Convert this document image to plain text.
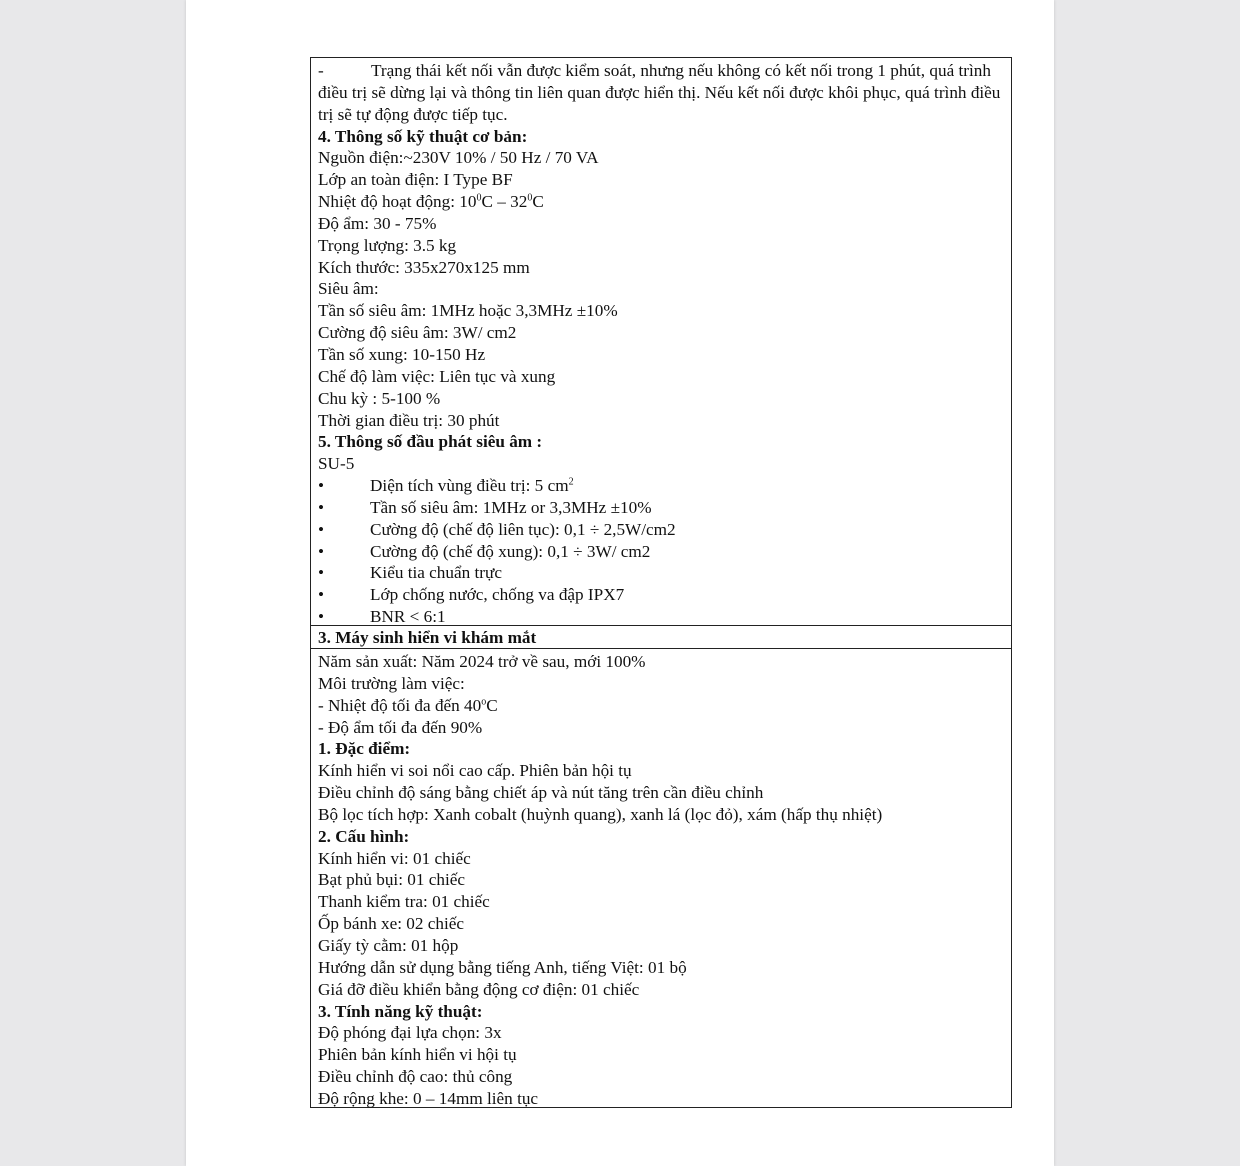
-	Trạng thái kết nối vẫn được kiểm soát, nhưng nếu không có kết nối trong 1 phút, quá trình điều trị sẽ dừng lại và thông tin liên quan được hiển thị. Nếu kết nối được khôi phục, quá trình điều trị sẽ tự động được tiếp tục.
4. Thông số kỹ thuật cơ bản:
Nguồn điện:~230V 10% / 50 Hz / 70 VA
Lớp an toàn điện: I Type BF
Nhiệt độ hoạt động: $10^0C - 32^0C$
Độ ẩm: 30 - 75%
Trọng lượng: 3.5 kg
Kích thước: 335x270x125 mm
Siêu âm:
Tần số siêu âm: 1MHz hoặc 3,3MHz ±10%
Cường độ siêu âm: 3W/ cm2
Tần số xung: 10-150 Hz
Chế độ làm việc: Liên tục và xung
Chu kỳ : 5-100 %
Thời gian điều trị: 30 phút
5. Thông số đầu phát siêu âm :
SU-5
•	Diện tích vùng điều trị: 5 $cm^2$
•	Tần số siêu âm: 1MHz or 3,3MHz ±10%
•	Cường độ (chế độ liên tục): 0,1 ÷ 2,5W/cm2
•	Cường độ (chế độ xung): 0,1 ÷ 3W/ cm2
•	Kiểu tia chuẩn trực
•	Lớp chống nước, chống va đập IPX7
•	BNR < 6:1
3. Máy sinh hiển vi khám mắt
Năm sản xuất: Năm 2024 trở về sau, mới 100%
Môi trường làm việc:
- Nhiệt độ tối đa đến 40$^o$C
- Độ ẩm tối đa đến 90%
1. Đặc điểm:
Kính hiển vi soi nổi cao cấp. Phiên bản hội tụ
Điều chỉnh độ sáng bằng chiết áp và nút tăng trên cần điều chỉnh
Bộ lọc tích hợp: Xanh cobalt (huỳnh quang), xanh lá (lọc đỏ), xám (hấp thụ nhiệt)
2. Cấu hình:
Kính hiển vi: 01 chiếc
Bạt phủ bụi: 01 chiếc
Thanh kiểm tra: 01 chiếc
Ốp bánh xe: 02 chiếc
Giấy tỳ cằm: 01 hộp
Hướng dẫn sử dụng bằng tiếng Anh, tiếng Việt: 01 bộ
Giá đỡ điều khiển bằng động cơ điện: 01 chiếc
3. Tính năng kỹ thuật:
Độ phóng đại lựa chọn: 3x
Phiên bản kính hiển vi hội tụ
Điều chỉnh độ cao: thủ công
Độ rộng khe: 0 – 14mm liên tục
